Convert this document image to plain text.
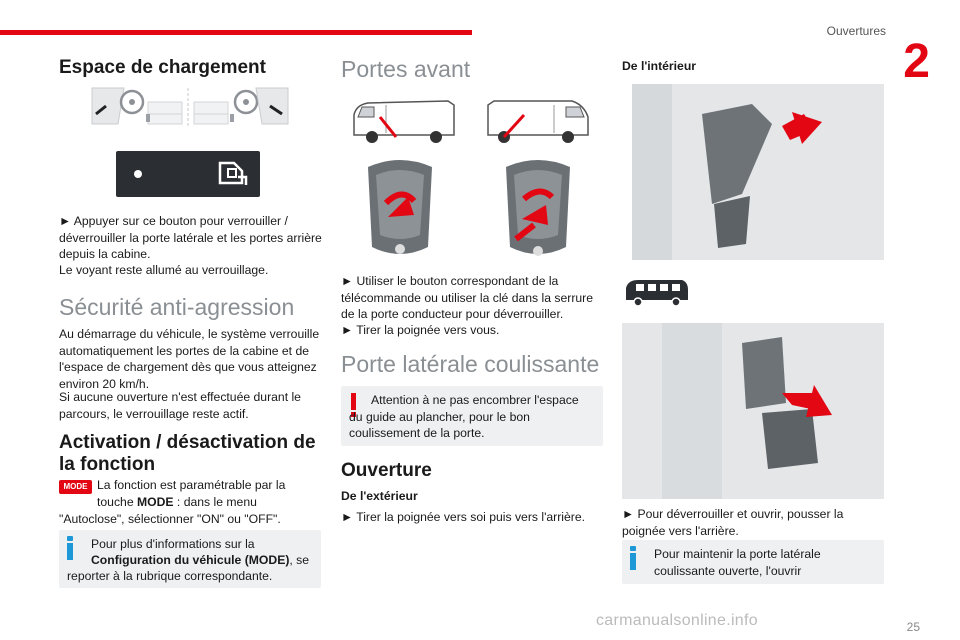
Ouvertures
2
Espace de chargement

► Appuyer sur ce bouton pour verrouiller / déverrouiller la porte latérale et les portes arrière depuis la cabine.

Le voyant reste allumé au verrouillage.

Sécurité anti-agression

Au démarrage du véhicule, le système verrouille automatiquement les portes de la cabine et de l'espace de chargement dès que vous atteignez environ 20 km/h.

Si aucune ouverture n'est effectuée durant le parcours, le verrouillage reste actif.

Activation / désactivation de
la fonction
MODE La fonction est paramétrable par la

touche MODE : dans le menu

"Autoclose", sélectionner "ON" ou "OFF".

Pour plus d'informations sur la

Configuration du véhicule (MODE), se

reporter à la rubrique correspondante.

Portes avant

► Utiliser le bouton correspondant de la télécommande ou utiliser la clé dans la serrure de la porte conducteur pour déverrouiller.

► Tirer la poignée vers vous.

Porte latérale coulissante

Attention à ne pas encombrer l'espace du guide au plancher, pour le bon coulissement de la porte.

Ouverture
De l'extérieur

► Tirer la poignée vers soi puis vers l'arrière.

De l'intérieur

► Pour déverrouiller et ouvrir, pousser la poignée vers l'arrière.

Pour maintenir la porte latérale coulissante ouverte, l'ouvrir

carmanualsonline.info	25
